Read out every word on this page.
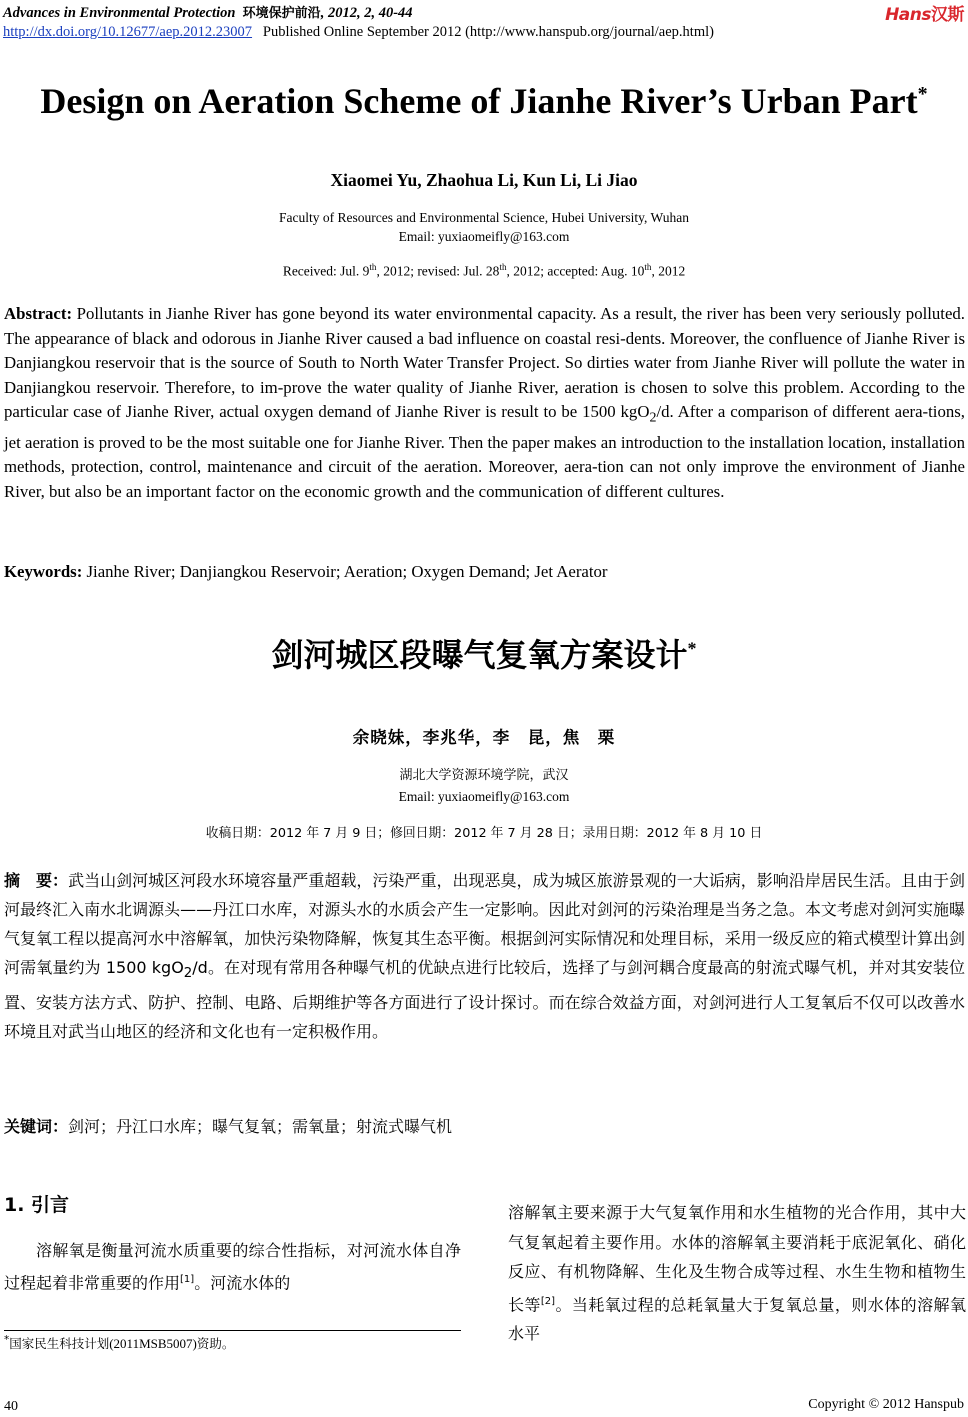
Advances in Environmental Protection 环境保护前沿, 2012, 2, 40-44	Hans汉斯
http://dx.doi.org/10.12677/aep.2012.23007 Published Online September 2012 (http://www.hanspub.org/journal/aep.html)
Design on Aeration Scheme of Jianhe River’s Urban Part*
Xiaomei Yu, Zhaohua Li, Kun Li, Li Jiao
Faculty of Resources and Environmental Science, Hubei University, Wuhan
Email: yuxiaomeifly@163.com
Received: Jul. 9th, 2012; revised: Jul. 28th, 2012; accepted: Aug. 10th, 2012
Abstract: Pollutants in Jianhe River has gone beyond its water environmental capacity. As a result, the river has been very seriously polluted. The appearance of black and odorous in Jianhe River caused a bad influence on coastal resi-dents. Moreover, the confluence of Jianhe River is Danjiangkou reservoir that is the source of South to North Water Transfer Project. So dirties water from Jianhe River will pollute the water in Danjiangkou reservoir. Therefore, to im-prove the water quality of Jianhe River, aeration is chosen to solve this problem. According to the particular case of Jianhe River, actual oxygen demand of Jianhe River is result to be 1500 kgO$_2$/d. After a comparison of different aera-tions, jet aeration is proved to be the most suitable one for Jianhe River. Then the paper makes an introduction to the installation location, installation methods, protection, control, maintenance and circuit of the aeration. Moreover, aera-tion can not only improve the environment of Jianhe River, but also be an important factor on the economic growth and the communication of different cultures.
Keywords: Jianhe River; Danjiangkou Reservoir; Aeration; Oxygen Demand; Jet Aerator
剑河城区段曝气复氧方案设计*
余晓妹，李兆华，李　昆，焦　栗
湖北大学资源环境学院，武汉
Email: yuxiaomeifly@163.com
收稿日期：2012 年 7 月 9 日；修回日期：2012 年 7 月 28 日；录用日期：2012 年 8 月 10 日
摘　要：武当山剑河城区河段水环境容量严重超载，污染严重，出现恶臭，成为城区旅游景观的一大诟病，影响沿岸居民生活。且由于剑河最终汇入南水北调源头——丹江口水库，对源头水的水质会产生一定影响。因此对剑河的污染治理是当务之急。本文考虑对剑河实施曝气复氧工程以提高河水中溶解氧，加快污染物降解，恢复其生态平衡。根据剑河实际情况和处理目标，采用一级反应的箱式模型计算出剑河需氧量约为 1500 kgO$_2$/d。在对现有常用各种曝气机的优缺点进行比较后，选择了与剑河耦合度最高的射流式曝气机，并对其安装位置、安装方法方式、防护、控制、电路、后期维护等各方面进行了设计探讨。而在综合效益方面，对剑河进行人工复氧后不仅可以改善水环境且对武当山地区的经济和文化也有一定积极作用。
关键词：剑河；丹江口水库；曝气复氧；需氧量；射流式曝气机
1. 引言
溶解氧是衡量河流水质重要的综合性指标，对河流水体自净过程起着非常重要的作用[1]。河流水体的
溶解氧主要来源于大气复氧作用和水生植物的光合作用，其中大气复氧起着主要作用。水体的溶解氧主要消耗于底泥氧化、硝化反应、有机物降解、生化及生物合成等过程、水生生物和植物生长等[2]。当耗氧过程的总耗氧量大于复氧总量，则水体的溶解氧水平
*国家民生科技计划(2011MSB5007)资助。
40	Copyright © 2012 Hanspub
